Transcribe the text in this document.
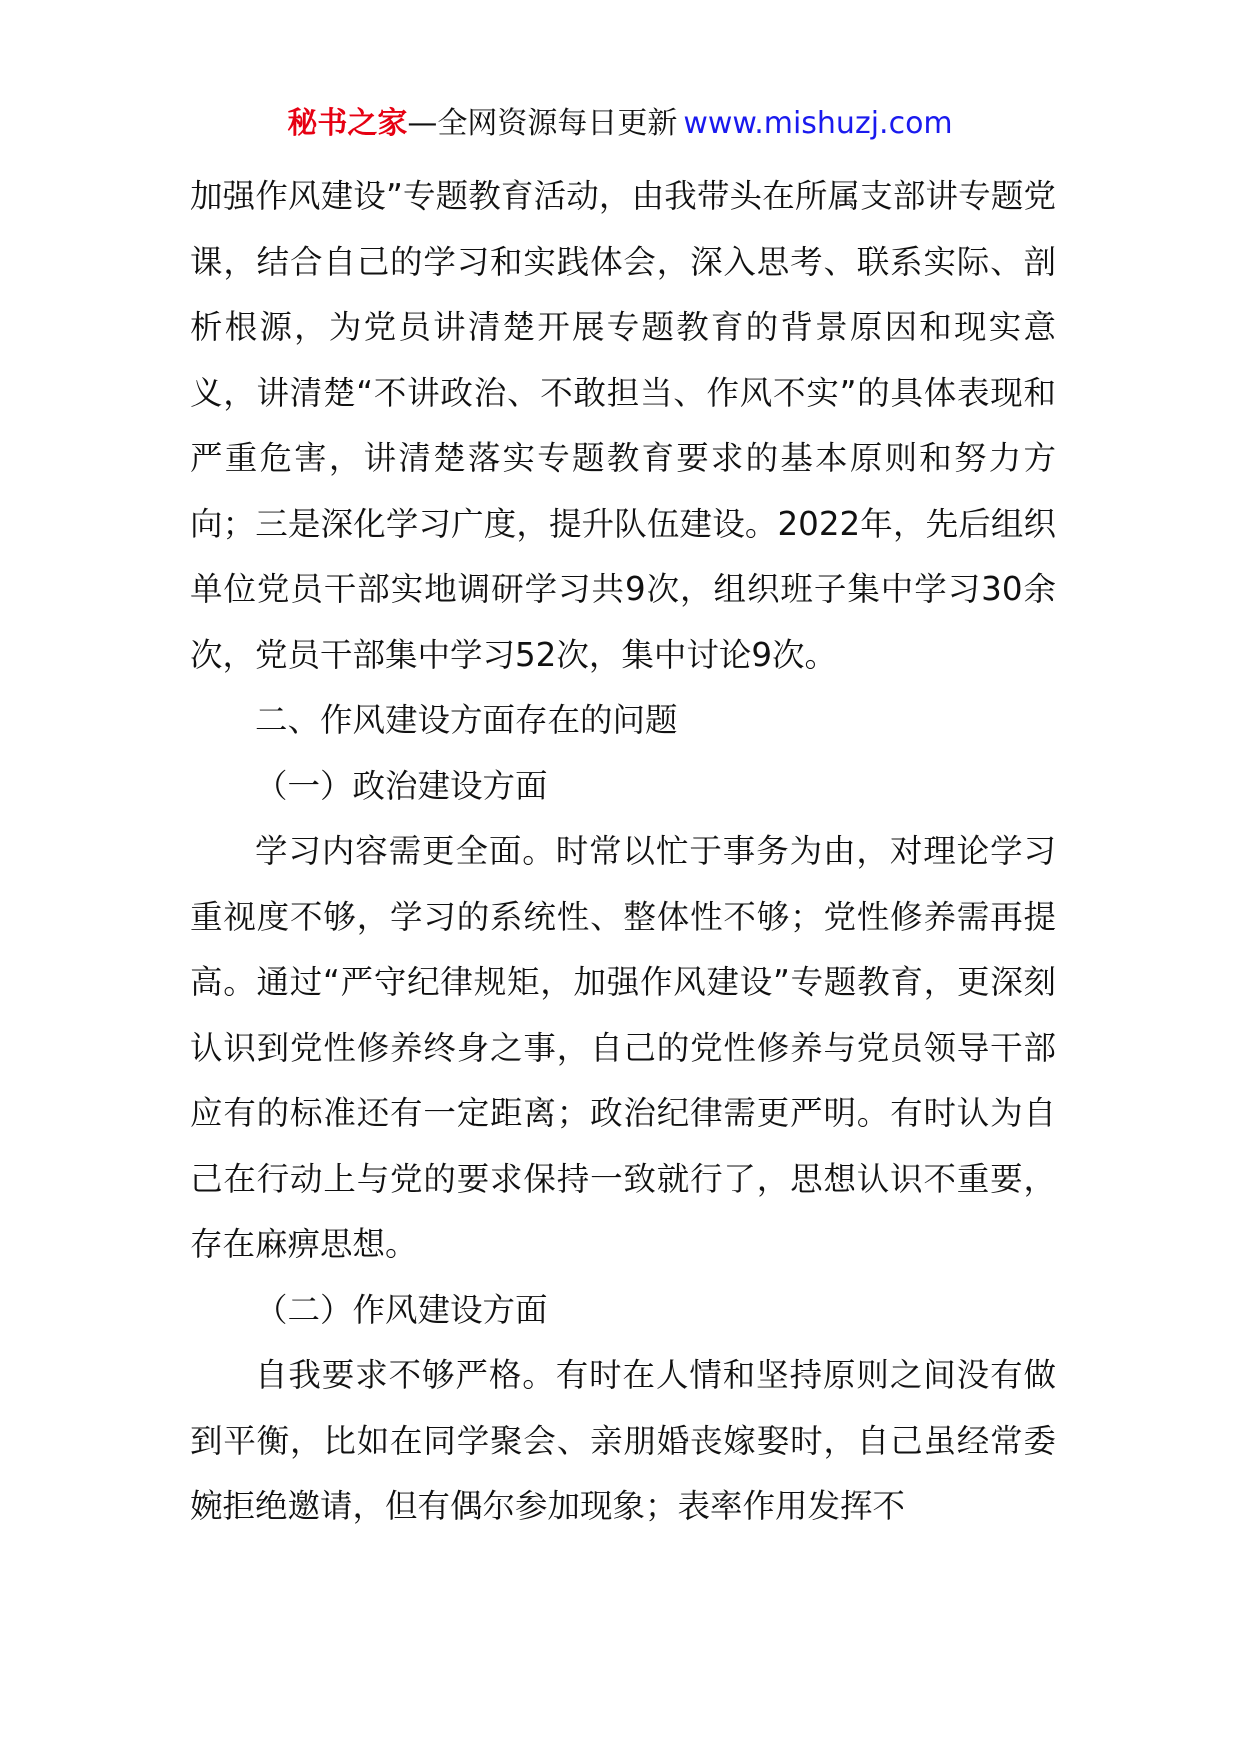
秘书之家—全网资源每日更新 www.mishuzj.com

加强作风建设”专题教育活动，由我带头在所属支部讲专题党课，结合自己的学习和实践体会，深入思考、联系实际、剖析根源，为党员讲清楚开展专题教育的背景原因和现实意义，讲清楚“不讲政治、不敢担当、作风不实”的具体表现和严重危害，讲清楚落实专题教育要求的基本原则和努力方向；三是深化学习广度，提升队伍建设。2022年，先后组织单位党员干部实地调研学习共9次，组织班子集中学习30余次，党员干部集中学习52次，集中讨论9次。

二、作风建设方面存在的问题

（一）政治建设方面

学习内容需更全面。时常以忙于事务为由，对理论学习重视度不够，学习的系统性、整体性不够；党性修养需再提高。通过“严守纪律规矩，加强作风建设”专题教育，更深刻认识到党性修养终身之事，自己的党性修养与党员领导干部应有的标准还有一定距离；政治纪律需更严明。有时认为自己在行动上与党的要求保持一致就行了，思想认识不重要，存在麻痹思想。

（二）作风建设方面

自我要求不够严格。有时在人情和坚持原则之间没有做到平衡，比如在同学聚会、亲朋婚丧嫁娶时，自己虽经常委婉拒绝邀请，但有偶尔参加现象；表率作用发挥不
